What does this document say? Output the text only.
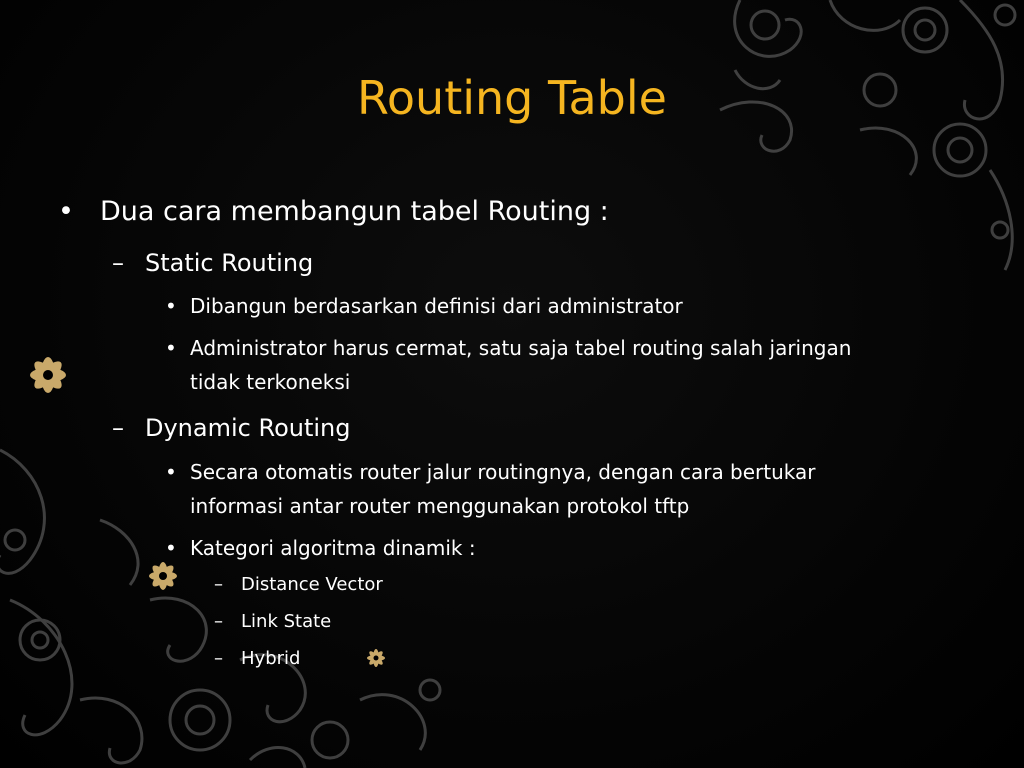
Routing Table
• Dua cara membangun tabel Routing :
– Static Routing
• Dibangun berdasarkan definisi dari administrator
• Administrator harus cermat, satu saja tabel routing salah jaringan
tidak terkoneksi
– Dynamic Routing
• Secara otomatis router jalur routingnya, dengan cara bertukar
informasi antar router menggunakan protokol tftp
• Kategori algoritma dinamik :
– Distance Vector
– Link State
– Hybrid
